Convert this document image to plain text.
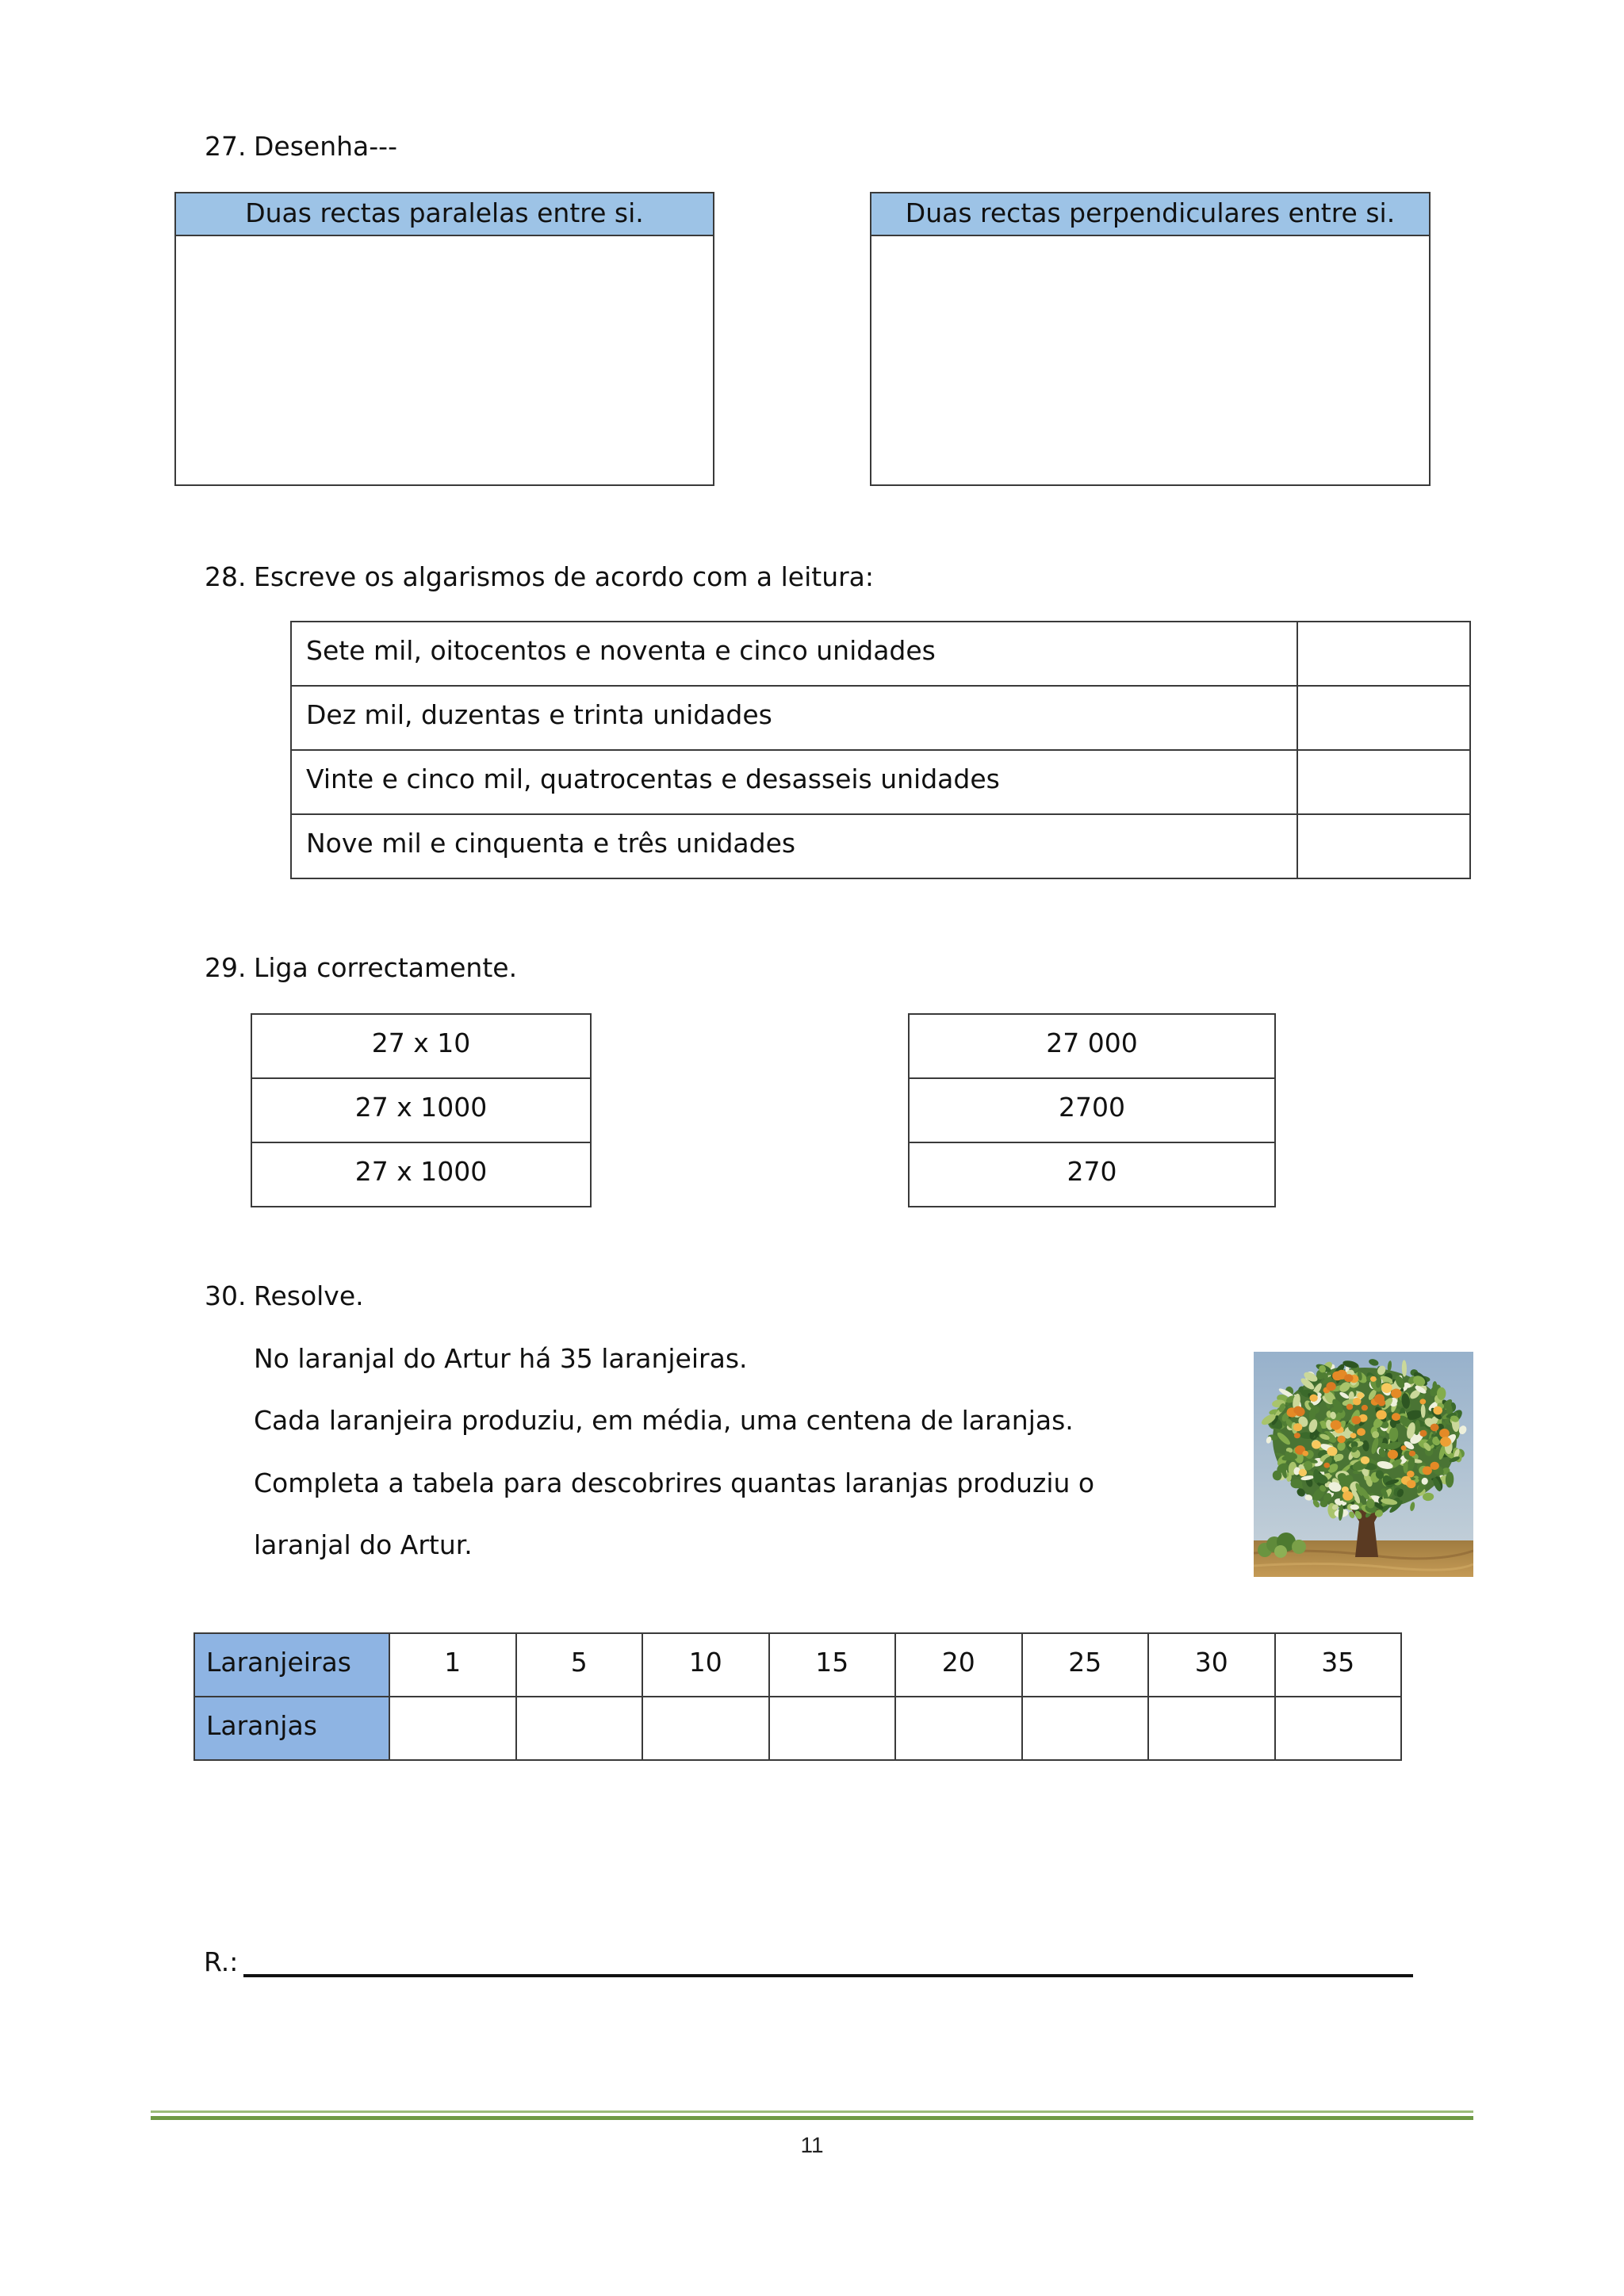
27. Desenha---
Duas rectas paralelas entre si.	Duas rectas perpendiculares entre si.
28. Escreve os algarismos de acordo com a leitura:
Sete mil, oitocentos e noventa e cinco unidades	
Dez mil, duzentas e trinta unidades	
Vinte e cinco mil, quatrocentas e desasseis unidades	
Nove mil e cinquenta e três unidades	
29. Liga correctamente.
27 x 10
27 x 1000
27 x 1000
27 000
2700
270
30. Resolve.
No laranjal do Artur há 35 laranjeiras.
Cada laranjeira produziu, em média, uma centena de laranjas.
Completa a tabela para descobrires quantas laranjas produziu o
laranjal do Artur.
Laranjeiras	1	5	10	15	20	25	30	35
Laranjas								
R.:
11
